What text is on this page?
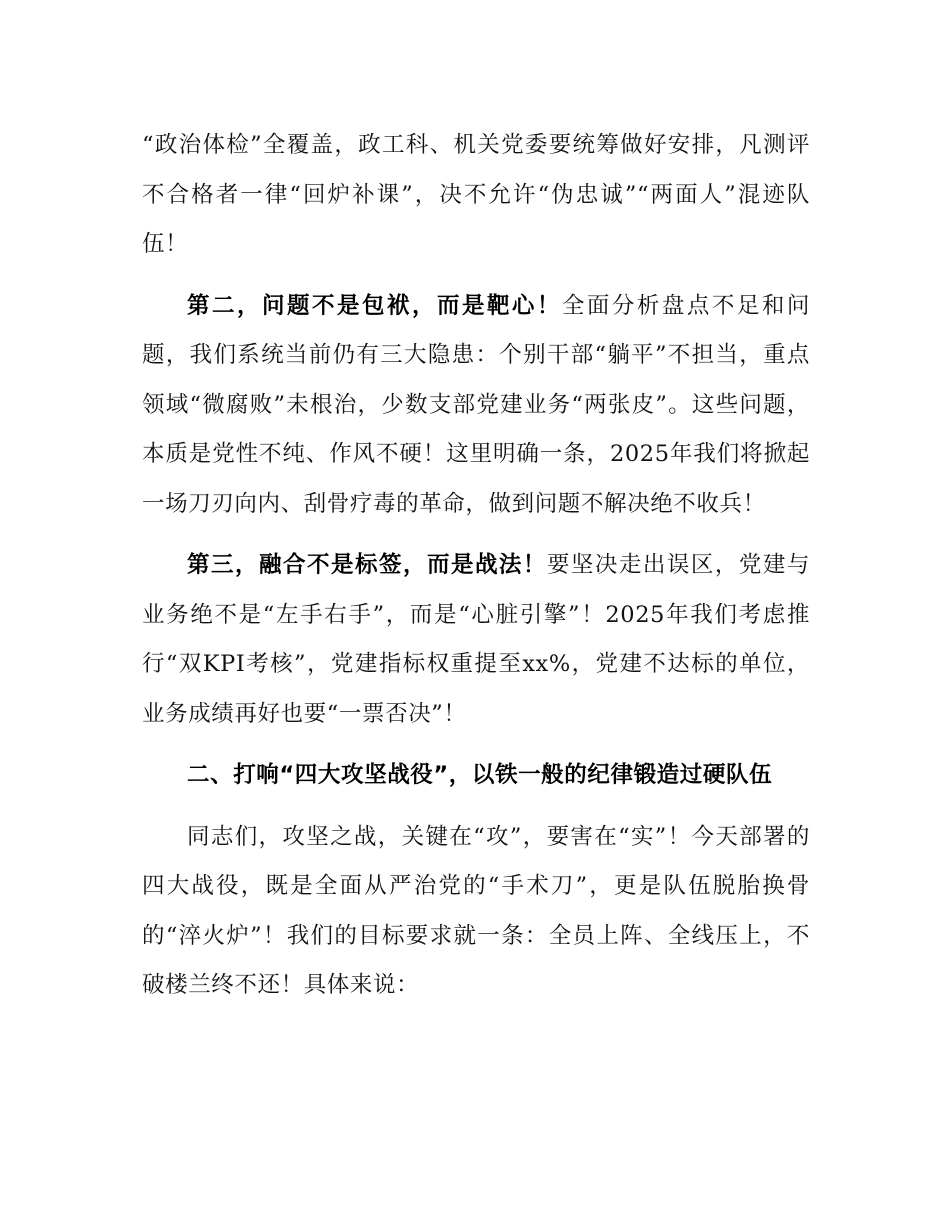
“政治体检”全覆盖，政工科、机关党委要统筹做好安排，凡测评不合格者一律“回炉补课”，决不允许“伪忠诚”“两面人”混迹队伍！

第二，问题不是包袱，而是靶心！全面分析盘点不足和问题，我们系统当前仍有三大隐患：个别干部“躺平”不担当，重点领域“微腐败”未根治，少数支部党建业务“两张皮”。这些问题，本质是党性不纯、作风不硬！这里明确一条，2025年我们将掀起一场刀刃向内、刮骨疗毒的革命，做到问题不解决绝不收兵！

第三，融合不是标签，而是战法！要坚决走出误区，党建与业务绝不是“左手右手”，而是“心脏引擎”！2025年我们考虑推行“双KPI考核”，党建指标权重提至xx%，党建不达标的单位，业务成绩再好也要“一票否决”！

二、打响“四大攻坚战役”，以铁一般的纪律锻造过硬队伍

同志们，攻坚之战，关键在“攻”，要害在“实”！今天部署的四大战役，既是全面从严治党的“手术刀”，更是队伍脱胎换骨的“淬火炉”！我们的目标要求就一条：全员上阵、全线压上，不破楼兰终不还！具体来说：
